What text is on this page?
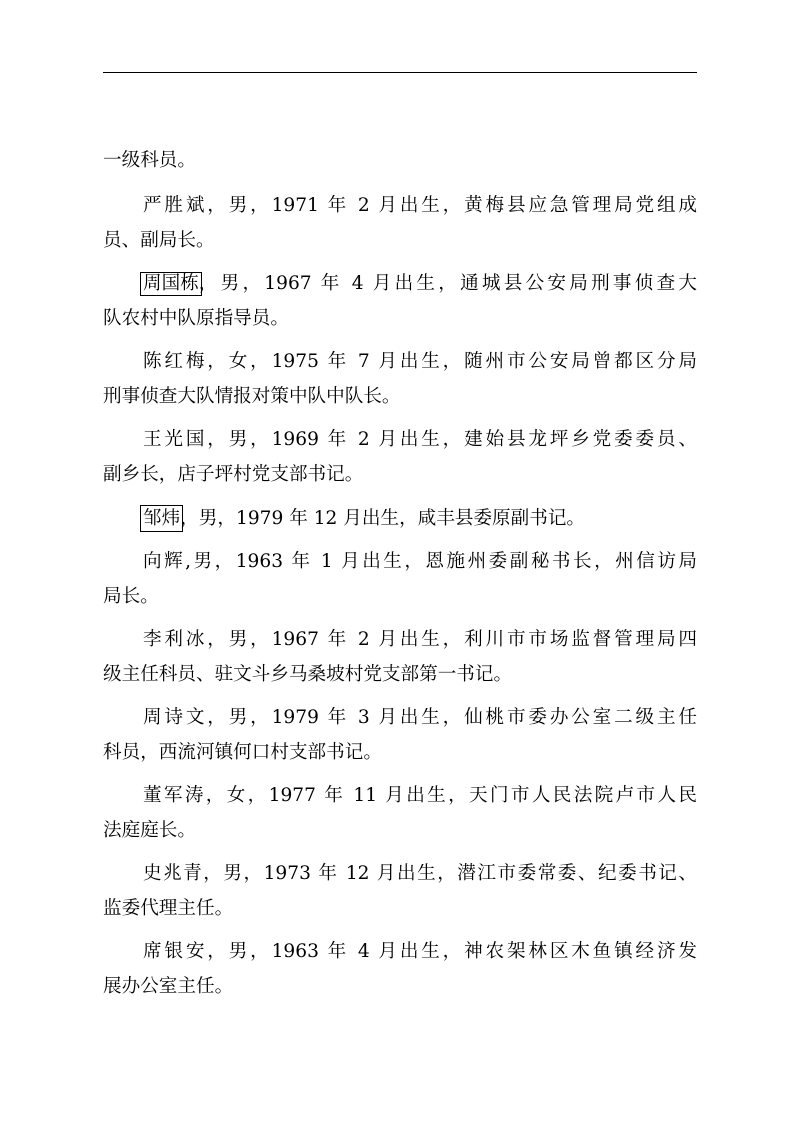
一级科员。
严胜斌，男，1971 年 2 月出生，黄梅县应急管理局党组成
员、副局长。
周国栋 ，男，1967 年 4 月出生，通城县公安局刑事侦查大
队农村中队原指导员。
陈红梅，女，1975 年 7 月出生，随州市公安局曾都区分局
刑事侦查大队情报对策中队中队长。
王光国，男，1969 年 2 月出生，建始县龙坪乡党委委员、
副乡长，店子坪村党支部书记。
邹炜，男，1979 年 12 月出生，咸丰县委原副书记。
向辉,男，1963 年 1 月出生，恩施州委副秘书长，州信访局
局长。
李利冰，男，1967 年 2 月出生，利川市市场监督管理局四
级主任科员、驻文斗乡马桑坡村党支部第一书记。
周诗文，男，1979 年 3 月出生，仙桃市委办公室二级主任
科员，西流河镇何口村支部书记。
董军涛，女，1977 年 11 月出生，天门市人民法院卢市人民
法庭庭长。
史兆青，男，1973 年 12 月出生，潜江市委常委、纪委书记、
监委代理主任。
席银安，男，1963 年 4 月出生，神农架林区木鱼镇经济发
展办公室主任。
